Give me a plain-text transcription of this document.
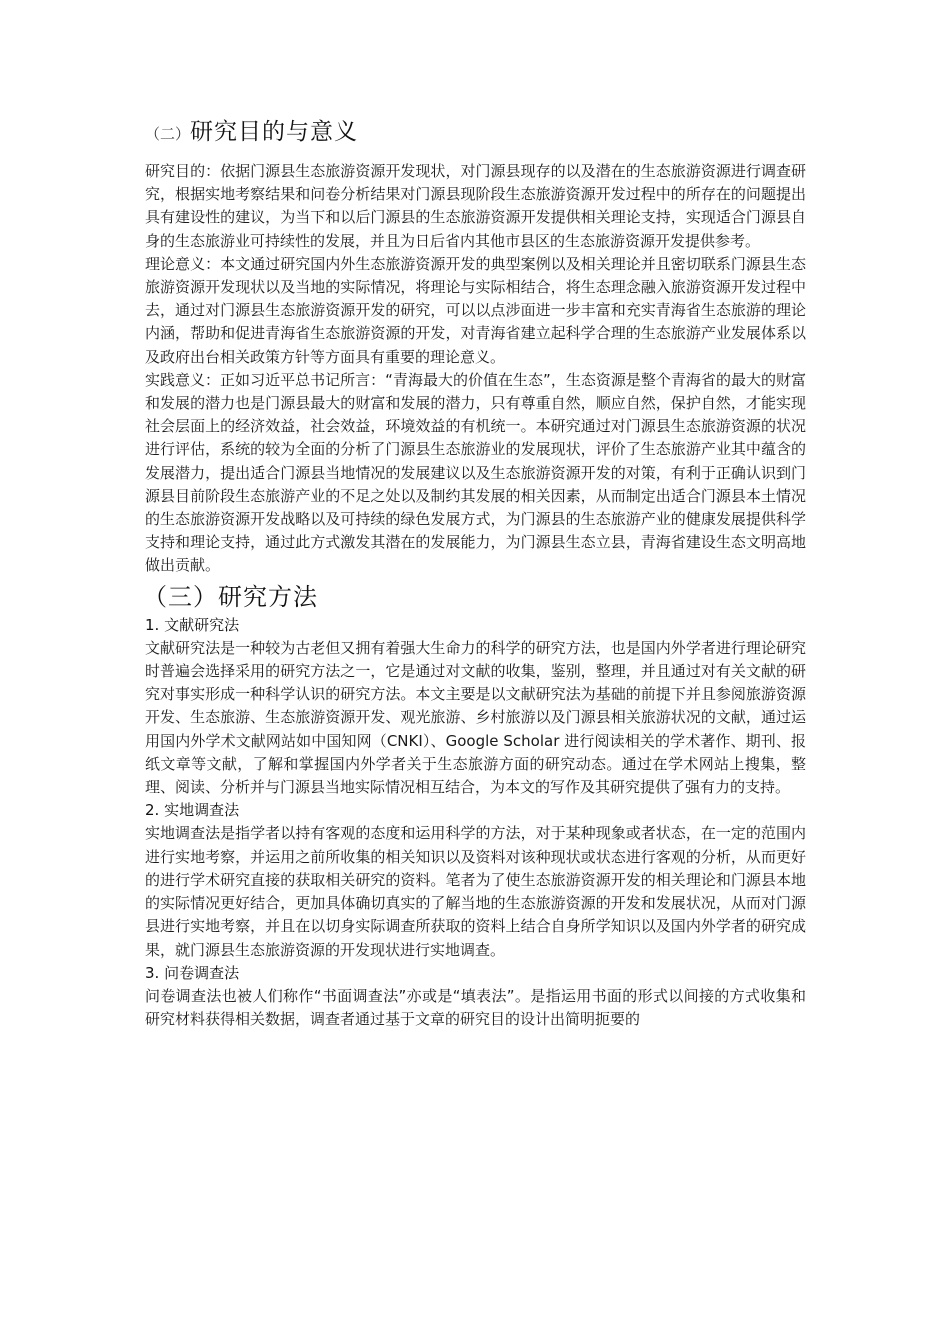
（二）研究目的与意义

研究目的：依据门源县生态旅游资源开发现状，对门源县现存的以及潜在的生态旅游资源进行调查研究，根据实地考察结果和问卷分析结果对门源县现阶段生态旅游资源开发过程中的所存在的问题提出具有建设性的建议，为当下和以后门源县的生态旅游资源开发提供相关理论支持，实现适合门源县自身的生态旅游业可持续性的发展，并且为日后省内其他市县区的生态旅游资源开发提供参考。

理论意义：本文通过研究国内外生态旅游资源开发的典型案例以及相关理论并且密切联系门源县生态旅游资源开发现状以及当地的实际情况，将理论与实际相结合，将生态理念融入旅游资源开发过程中去，通过对门源县生态旅游资源开发的研究，可以以点涉面进一步丰富和充实青海省生态旅游的理论内涵，帮助和促进青海省生态旅游资源的开发，对青海省建立起科学合理的生态旅游产业发展体系以及政府出台相关政策方针等方面具有重要的理论意义。

实践意义：正如习近平总书记所言：“青海最大的价值在生态”，生态资源是整个青海省的最大的财富和发展的潜力也是门源县最大的财富和发展的潜力，只有尊重自然，顺应自然，保护自然，才能实现社会层面上的经济效益，社会效益，环境效益的有机统一。本研究通过对门源县生态旅游资源的状况进行评估，系统的较为全面的分析了门源县生态旅游业的发展现状，评价了生态旅游产业其中蕴含的发展潜力，提出适合门源县当地情况的发展建议以及生态旅游资源开发的对策，有利于正确认识到门源县目前阶段生态旅游产业的不足之处以及制约其发展的相关因素，从而制定出适合门源县本土情况的生态旅游资源开发战略以及可持续的绿色发展方式，为门源县的生态旅游产业的健康发展提供科学支持和理论支持，通过此方式激发其潜在的发展能力，为门源县生态立县，青海省建设生态文明高地做出贡献。

（三）研究方法

1. 文献研究法

文献研究法是一种较为古老但又拥有着强大生命力的科学的研究方法，也是国内外学者进行理论研究时普遍会选择采用的研究方法之一，它是通过对文献的收集，鉴别，整理，并且通过对有关文献的研究对事实形成一种科学认识的研究方法。本文主要是以文献研究法为基础的前提下并且参阅旅游资源开发、生态旅游、生态旅游资源开发、观光旅游、乡村旅游以及门源县相关旅游状况的文献，通过运用国内外学术文献网站如中国知网（CNKI）、Google Scholar 进行阅读相关的学术著作、期刊、报纸文章等文献，了解和掌握国内外学者关于生态旅游方面的研究动态。通过在学术网站上搜集，整理、阅读、分析并与门源县当地实际情况相互结合，为本文的写作及其研究提供了强有力的支持。

2. 实地调查法

实地调查法是指学者以持有客观的态度和运用科学的方法，对于某种现象或者状态，在一定的范围内进行实地考察，并运用之前所收集的相关知识以及资料对该种现状或状态进行客观的分析，从而更好的进行学术研究直接的获取相关研究的资料。笔者为了使生态旅游资源开发的相关理论和门源县本地的实际情况更好结合，更加具体确切真实的了解当地的生态旅游资源的开发和发展状况，从而对门源县进行实地考察，并且在以切身实际调查所获取的资料上结合自身所学知识以及国内外学者的研究成果，就门源县生态旅游资源的开发现状进行实地调查。

3. 问卷调查法

问卷调查法也被人们称作“书面调查法”亦或是“填表法”。是指运用书面的形式以间接的方式收集和研究材料获得相关数据，调查者通过基于文章的研究目的设计出简明扼要的
